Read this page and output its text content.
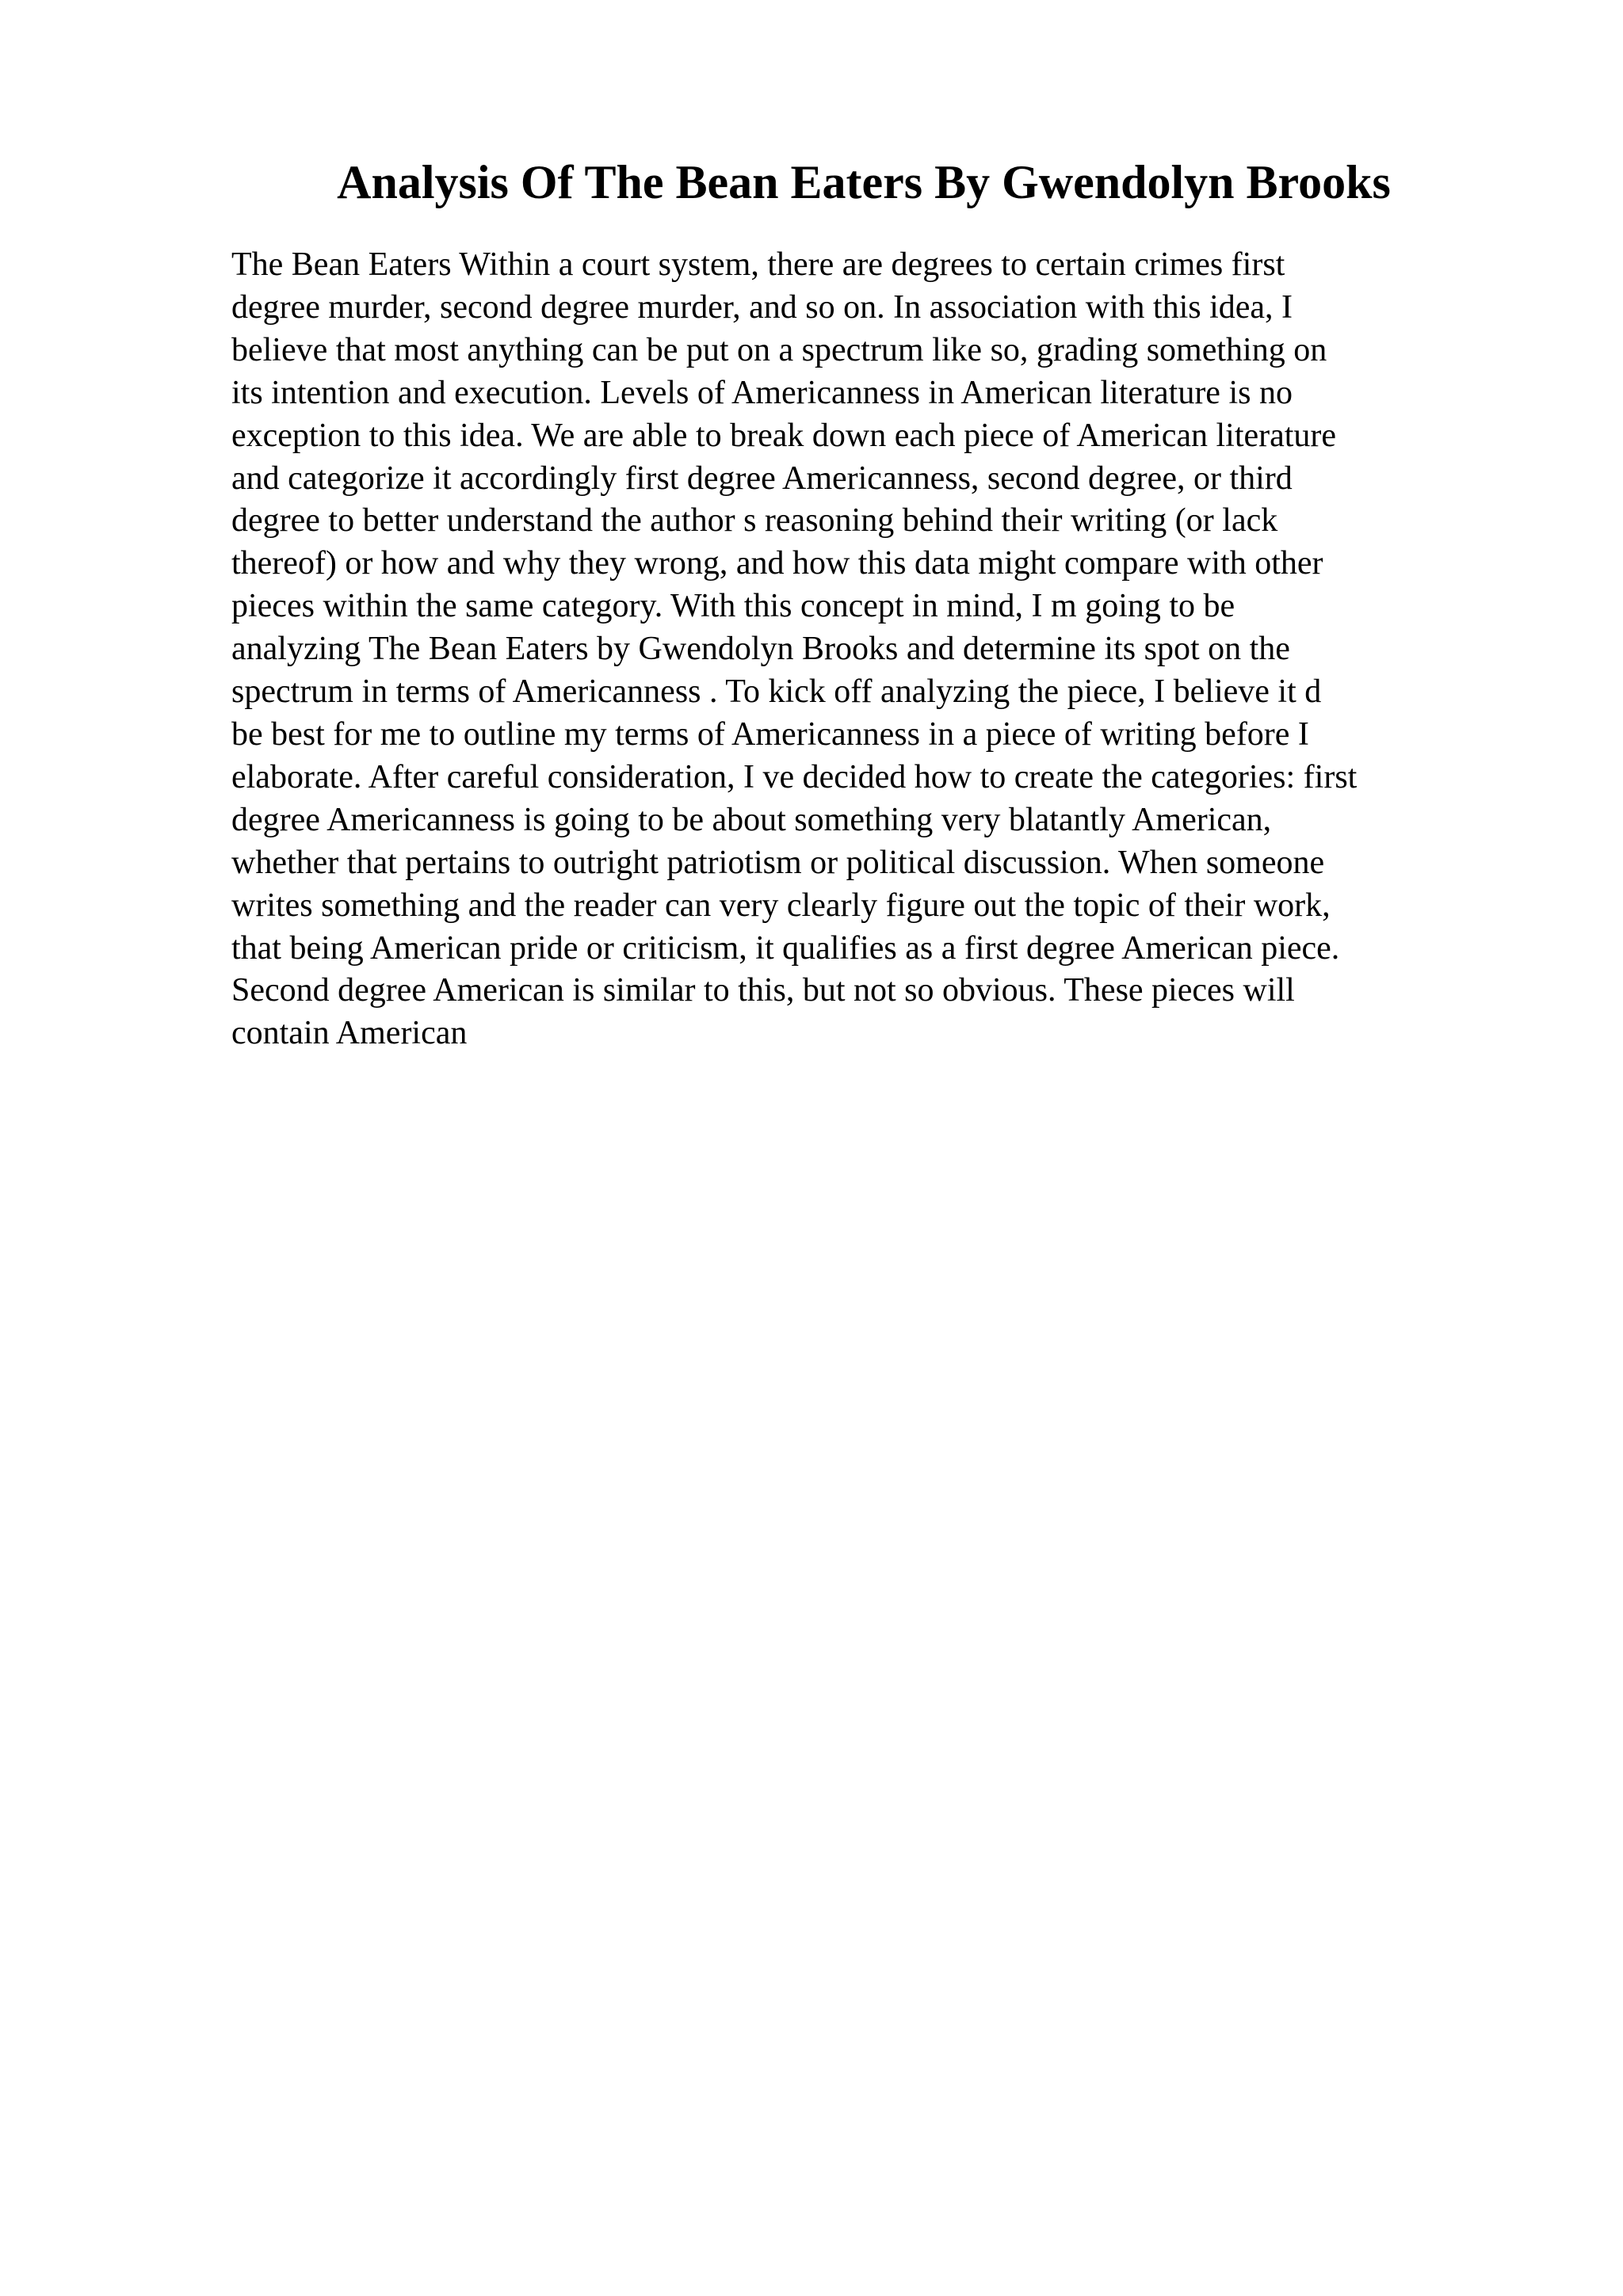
Analysis Of The Bean Eaters By Gwendolyn Brooks
The Bean Eaters Within a court system, there are degrees to certain crimes first
degree murder, second degree murder, and so on. In association with this idea, I
believe that most anything can be put on a spectrum like so, grading something on
its intention and execution. Levels of Americanness in American literature is no
exception to this idea. We are able to break down each piece of American literature
and categorize it accordingly first degree Americanness, second degree, or third
degree to better understand the author s reasoning behind their writing (or lack
thereof) or how and why they wrong, and how this data might compare with other
pieces within the same category. With this concept in mind, I m going to be
analyzing The Bean Eaters by Gwendolyn Brooks and determine its spot on the
spectrum in terms of Americanness . To kick off analyzing the piece, I believe it d
be best for me to outline my terms of Americanness in a piece of writing before I
elaborate. After careful consideration, I ve decided how to create the categories: first
degree Americanness is going to be about something very blatantly American,
whether that pertains to outright patriotism or political discussion. When someone
writes something and the reader can very clearly figure out the topic of their work,
that being American pride or criticism, it qualifies as a first degree American piece.
Second degree American is similar to this, but not so obvious. These pieces will
contain American
